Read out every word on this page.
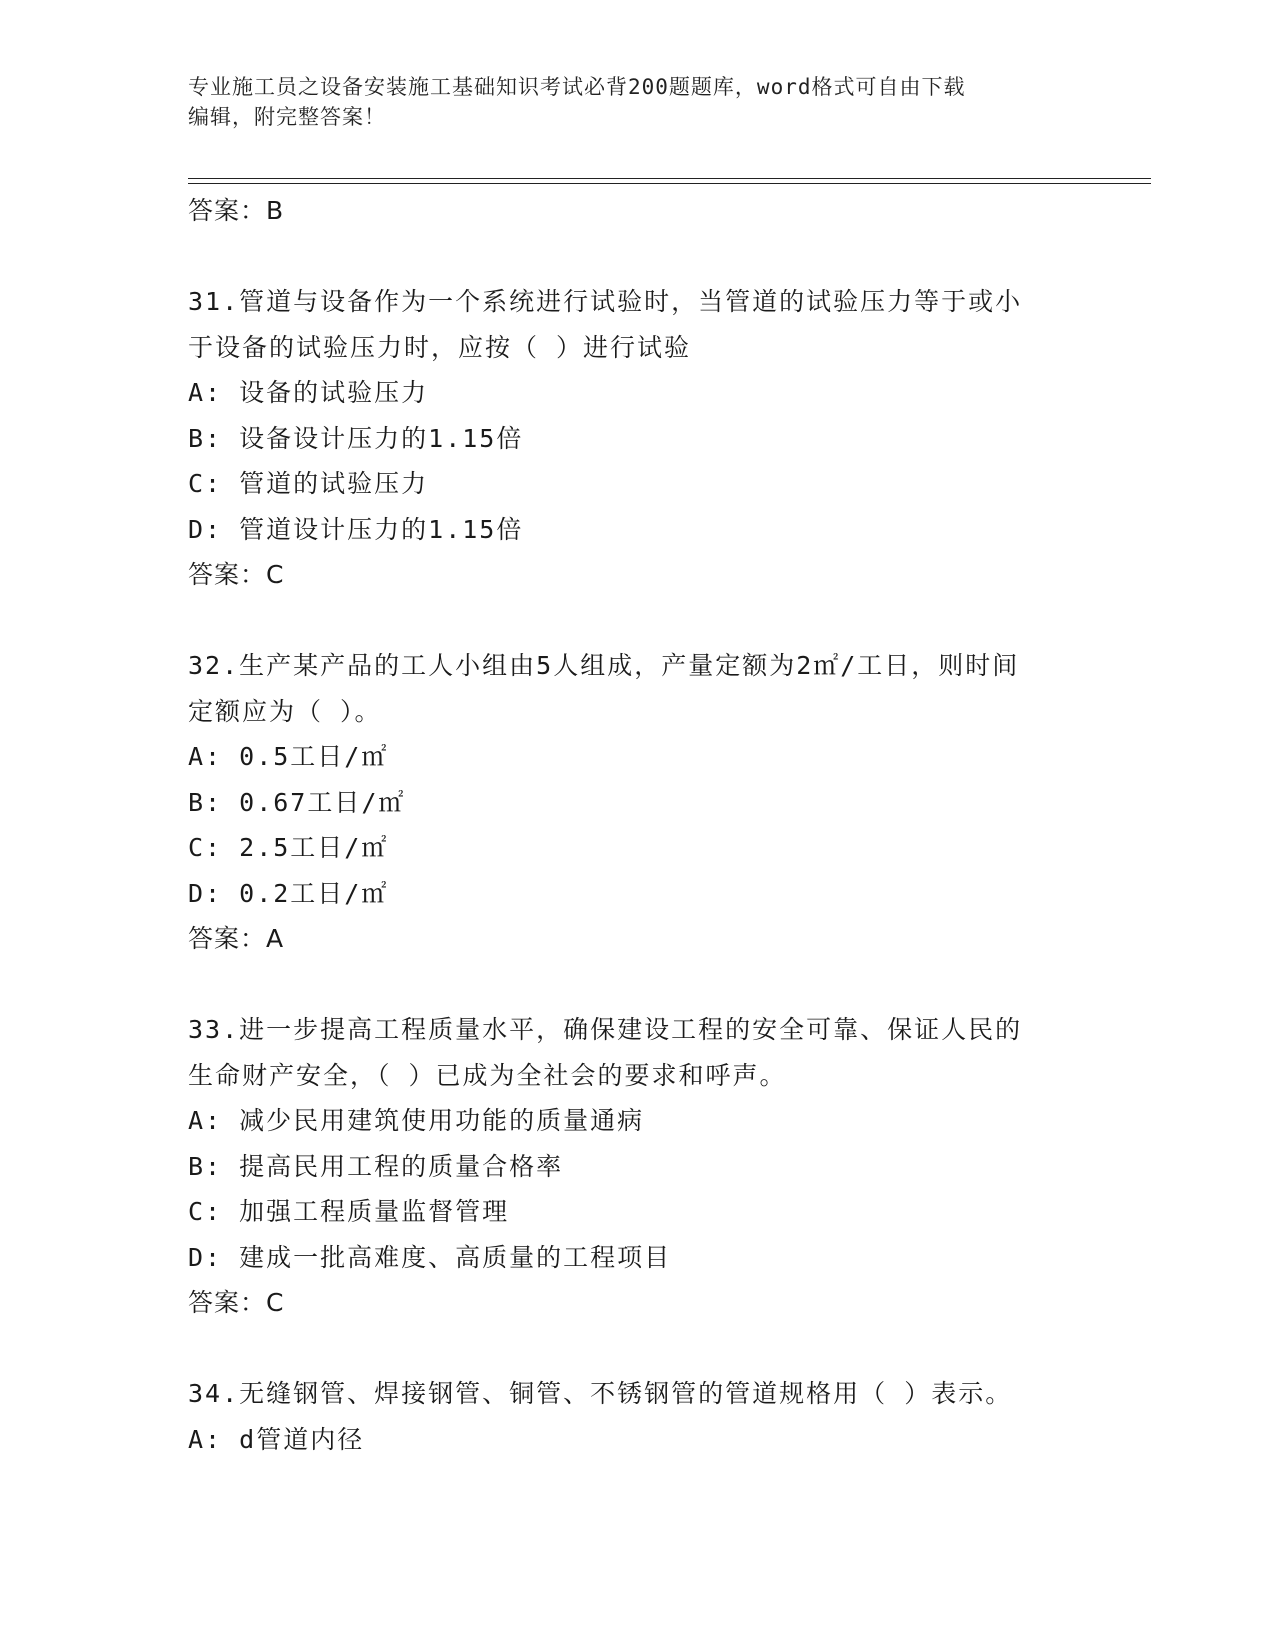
专业施工员之设备安装施工基础知识考试必背200题题库，word格式可自由下载
编辑，附完整答案！
答案：B
31.管道与设备作为一个系统进行试验时，当管道的试验压力等于或小
于设备的试验压力时，应按（ ）进行试验
A: 设备的试验压力
B: 设备设计压力的1.15倍
C: 管道的试验压力
D: 管道设计压力的1.15倍
答案：C
32.生产某产品的工人小组由5人组成，产量定额为2㎡/工日，则时间
定额应为（ ）。
A: 0.5工日/㎡
B: 0.67工日/㎡
C: 2.5工日/㎡
D: 0.2工日/㎡
答案：A
33.进一步提高工程质量水平，确保建设工程的安全可靠、保证人民的
生命财产安全，（ ）已成为全社会的要求和呼声。
A: 减少民用建筑使用功能的质量通病
B: 提高民用工程的质量合格率
C: 加强工程质量监督管理
D: 建成一批高难度、高质量的工程项目
答案：C
34.无缝钢管、焊接钢管、铜管、不锈钢管的管道规格用（ ）表示。
A: d管道内径
